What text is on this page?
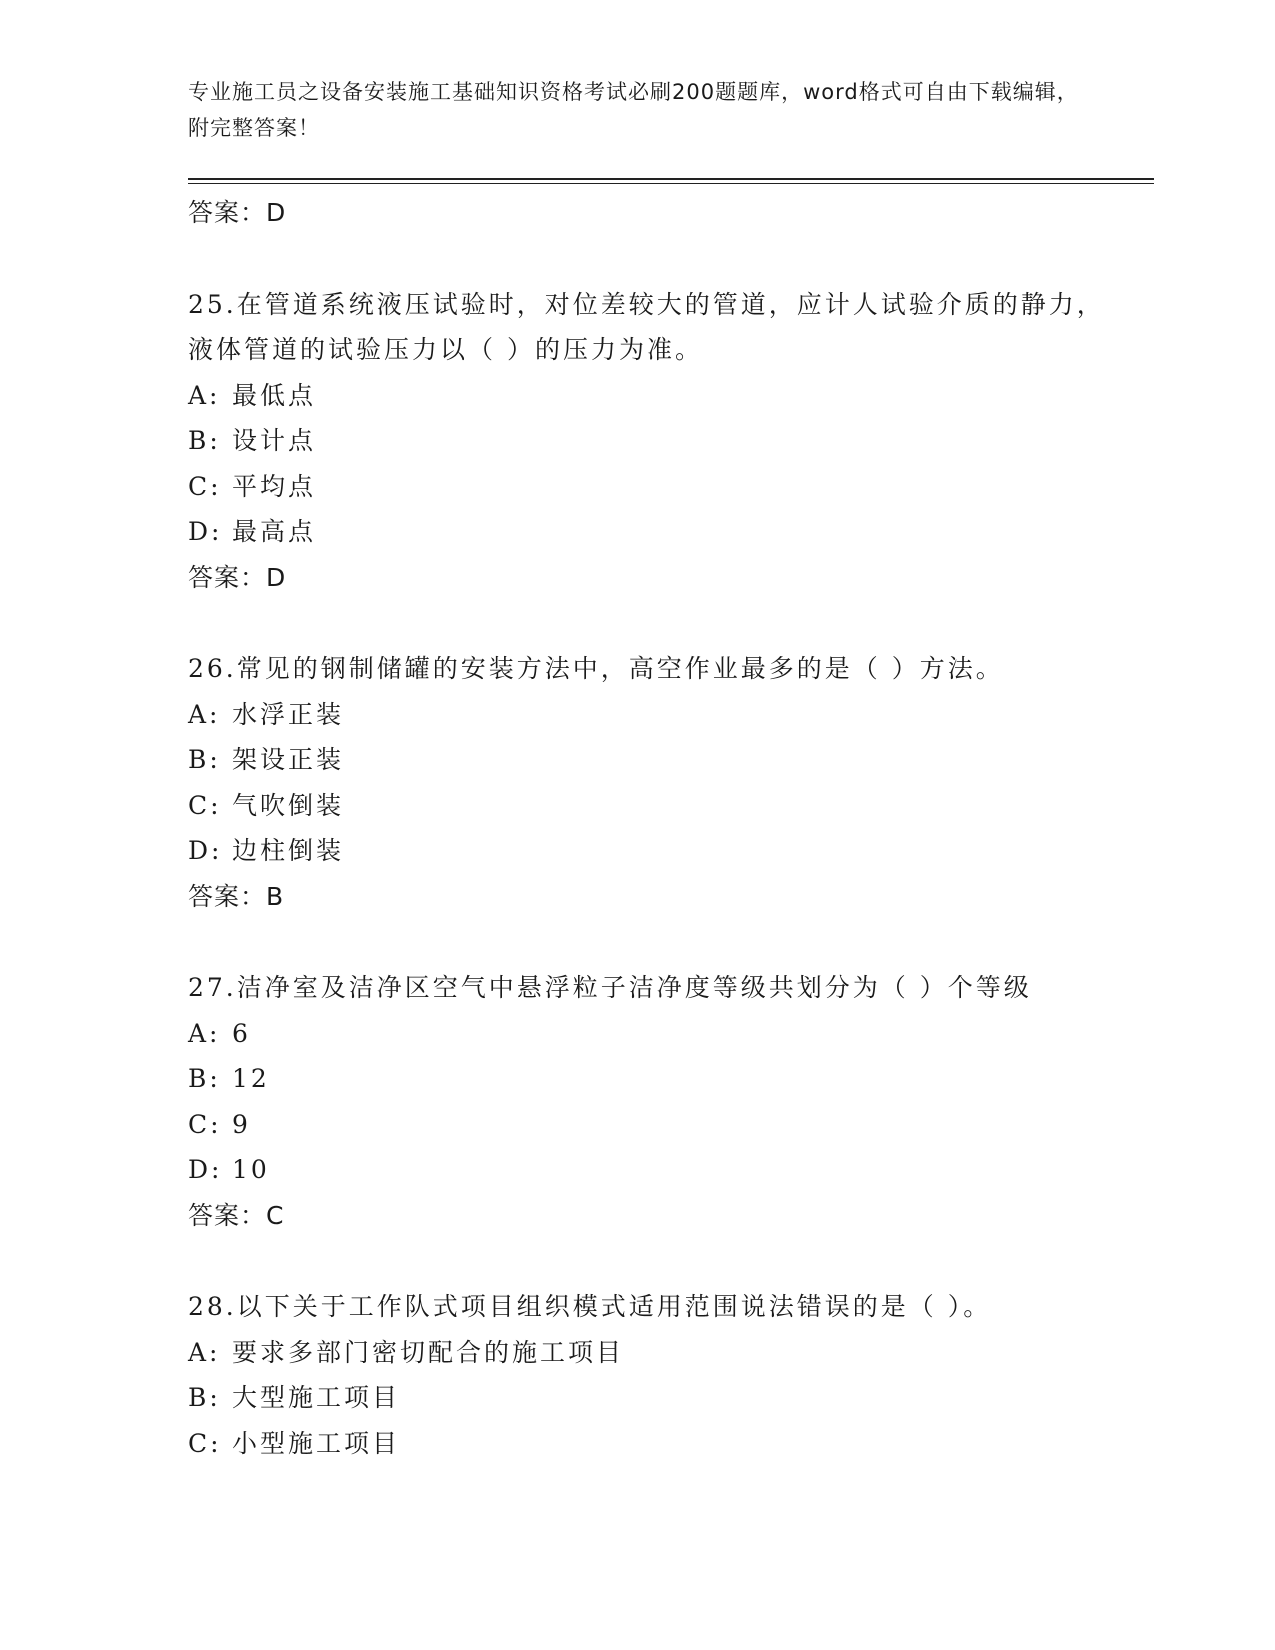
专业施工员之设备安装施工基础知识资格考试必刷200题题库，word格式可自由下载编辑，附完整答案！
答案：D
25.在管道系统液压试验时，对位差较大的管道，应计人试验介质的静力，液体管道的试验压力以（ ）的压力为准。
A: 最低点
B: 设计点
C: 平均点
D: 最高点
答案：D
26.常见的钢制储罐的安装方法中，高空作业最多的是（ ）方法。
A: 水浮正装
B: 架设正装
C: 气吹倒装
D: 边柱倒装
答案：B
27.洁净室及洁净区空气中悬浮粒子洁净度等级共划分为（ ）个等级
A: 6
B: 12
C: 9
D: 10
答案：C
28.以下关于工作队式项目组织模式适用范围说法错误的是（ ）。
A: 要求多部门密切配合的施工项目
B: 大型施工项目
C: 小型施工项目
